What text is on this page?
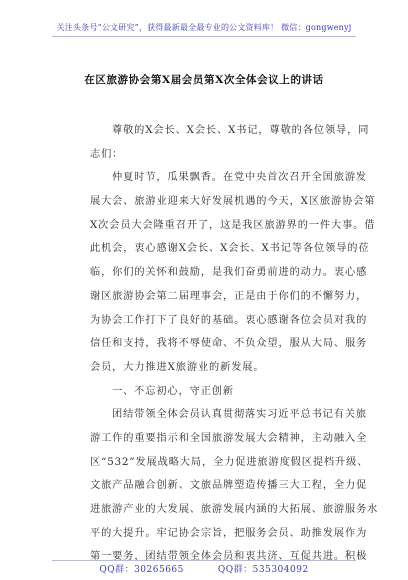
关注头条号“公文研究”，获得最新最全最专业的公文资料库！ 微信：gongwenyj
在区旅游协会第X届会员第X次全体会议上的讲话
尊敬的X会长、X会长、X书记，尊敬的各位领导，同
志们：
仲夏时节，瓜果飘香。在党中央首次召开全国旅游发
展大会、旅游业迎来大好发展机遇的今天，X区旅游协会第
X次会员大会隆重召开了，这是我区旅游界的一件大事。借
此机会，衷心感谢X会长、X会长、X书记等各位领导的莅
临，你们的关怀和鼓励，是我们奋勇前进的动力。衷心感
谢区旅游协会第二届理事会，正是由于你们的不懈努力，
为协会工作打下了良好的基础。衷心感谢各位会员对我的
信任和支持，我将不辱使命、不负众望，服从大局、服务
会员，大力推进X旅游业的新发展。
一、不忘初心，守正创新
团结带领全体会员认真贯彻落实习近平总书记有关旅
游工作的重要指示和全国旅游发展大会精神，主动融入全
区“532”发展战略大局，全力促进旅游度假区提档升级、
文旅产品融合创新、文旅品牌塑造传播三大工程，全力促
进旅游产业的大发展、旅游发展内涵的大拓展、旅游服务水
平的大提升。牢记协会宗旨，把服务会员、助推发展作为
第一要务，团结带领全体会员和衷共济、互促共进。积极
QQ群：30265665	QQ群：535304092
